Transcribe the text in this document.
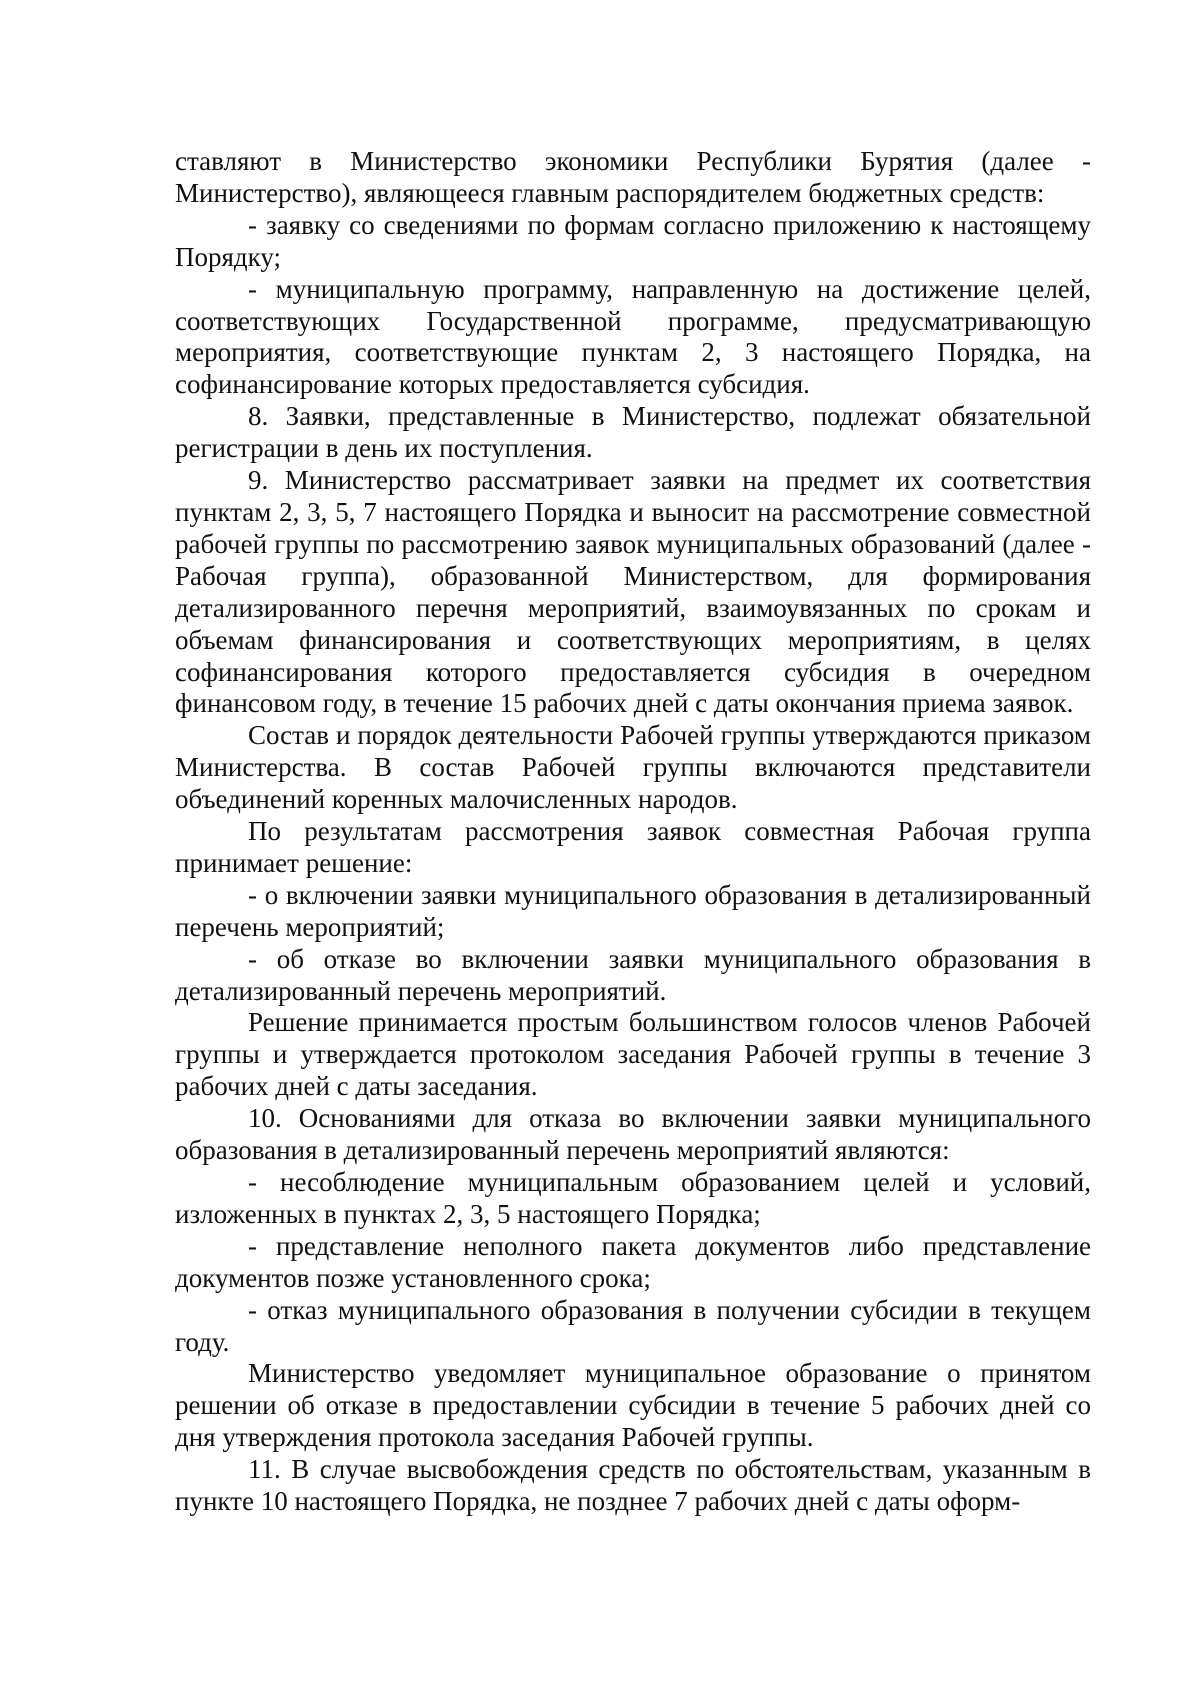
ставляют в Министерство экономики Республики Бурятия (далее - Министерство), являющееся главным распорядителем бюджетных средств:

- заявку со сведениями по формам согласно приложению к настоящему Порядку;

- муниципальную программу, направленную на достижение целей, соответствующих Государственной программе, предусматривающую мероприятия, соответствующие пунктам 2, 3 настоящего Порядка, на софинансирование которых предоставляется субсидия.

8. Заявки, представленные в Министерство, подлежат обязательной регистрации в день их поступления.

9. Министерство рассматривает заявки на предмет их соответствия пунктам 2, 3, 5, 7 настоящего Порядка и выносит на рассмотрение совместной рабочей группы по рассмотрению заявок муниципальных образований (далее - Рабочая группа), образованной Министерством, для формирования детализированного перечня мероприятий, взаимоувязанных по срокам и объемам финансирования и соответствующих мероприятиям, в целях софинансирования которого предоставляется субсидия в очередном финансовом году, в течение 15 рабочих дней с даты окончания приема заявок.

Состав и порядок деятельности Рабочей группы утверждаются приказом Министерства. В состав Рабочей группы включаются представители объединений коренных малочисленных народов.

По результатам рассмотрения заявок совместная Рабочая группа принимает решение:

- о включении заявки муниципального образования в детализированный перечень мероприятий;

- об отказе во включении заявки муниципального образования в детализированный перечень мероприятий.

Решение принимается простым большинством голосов членов Рабочей группы и утверждается протоколом заседания Рабочей группы в течение 3 рабочих дней с даты заседания.

10. Основаниями для отказа во включении заявки муниципального образования в детализированный перечень мероприятий являются:

- несоблюдение муниципальным образованием целей и условий, изложенных в пунктах 2, 3, 5 настоящего Порядка;

- представление неполного пакета документов либо представление документов позже установленного срока;

- отказ муниципального образования в получении субсидии в текущем году.

Министерство уведомляет муниципальное образование о принятом решении об отказе в предоставлении субсидии в течение 5 рабочих дней со дня утверждения протокола заседания Рабочей группы.

11. В случае высвобождения средств по обстоятельствам, указанным в пункте 10 настоящего Порядка, не позднее 7 рабочих дней с даты оформ-
